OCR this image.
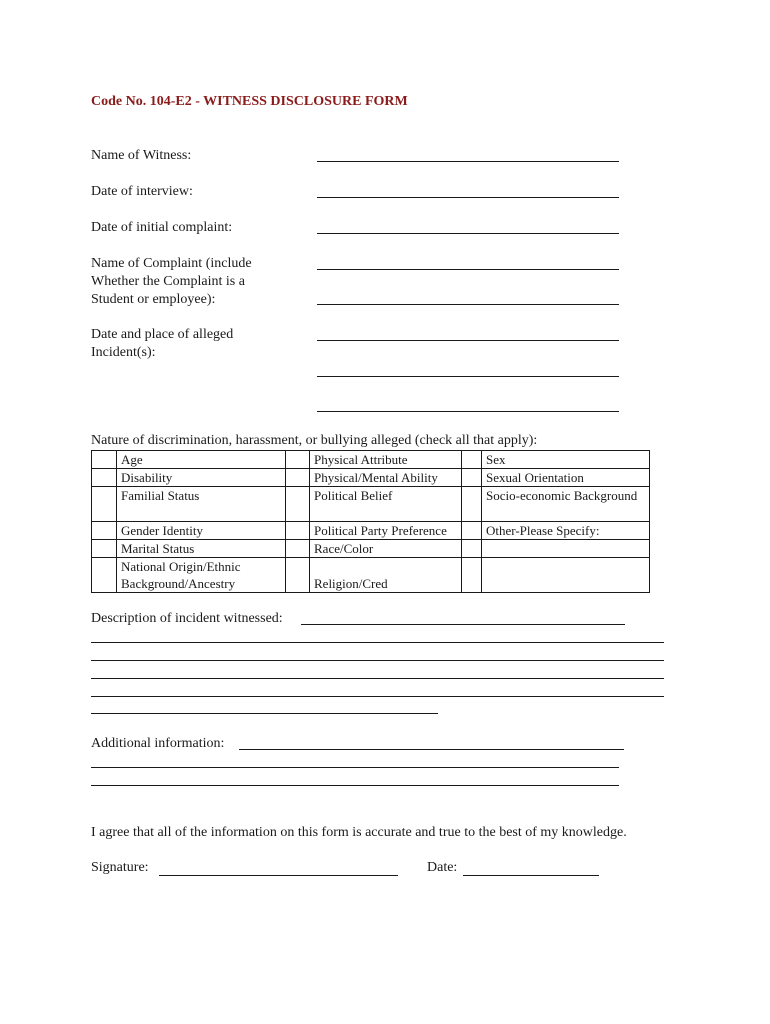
Code No. 104-E2 - WITNESS DISCLOSURE FORM
Name of Witness:
Date of interview:
Date of initial complaint:
Name of Complaint (include
Whether the Complaint is a
Student or employee):
Date and place of alleged
Incident(s):
Nature of discrimination, harassment, or bullying alleged (check all that apply):
	Age		Physical Attribute		Sex
	Disability		Physical/Mental Ability		Sexual Orientation
	Familial Status		Political Belief		Socio-economic Background
	Gender Identity		Political Party Preference		Other-Please Specify:
	Marital Status		Race/Color		
	National Origin/Ethnic Background/Ancestry		Religion/Cred		
Description of incident witnessed:
Additional information:
I agree that all of the information on this form is accurate and true to the best of my knowledge.
Signature:	Date:
